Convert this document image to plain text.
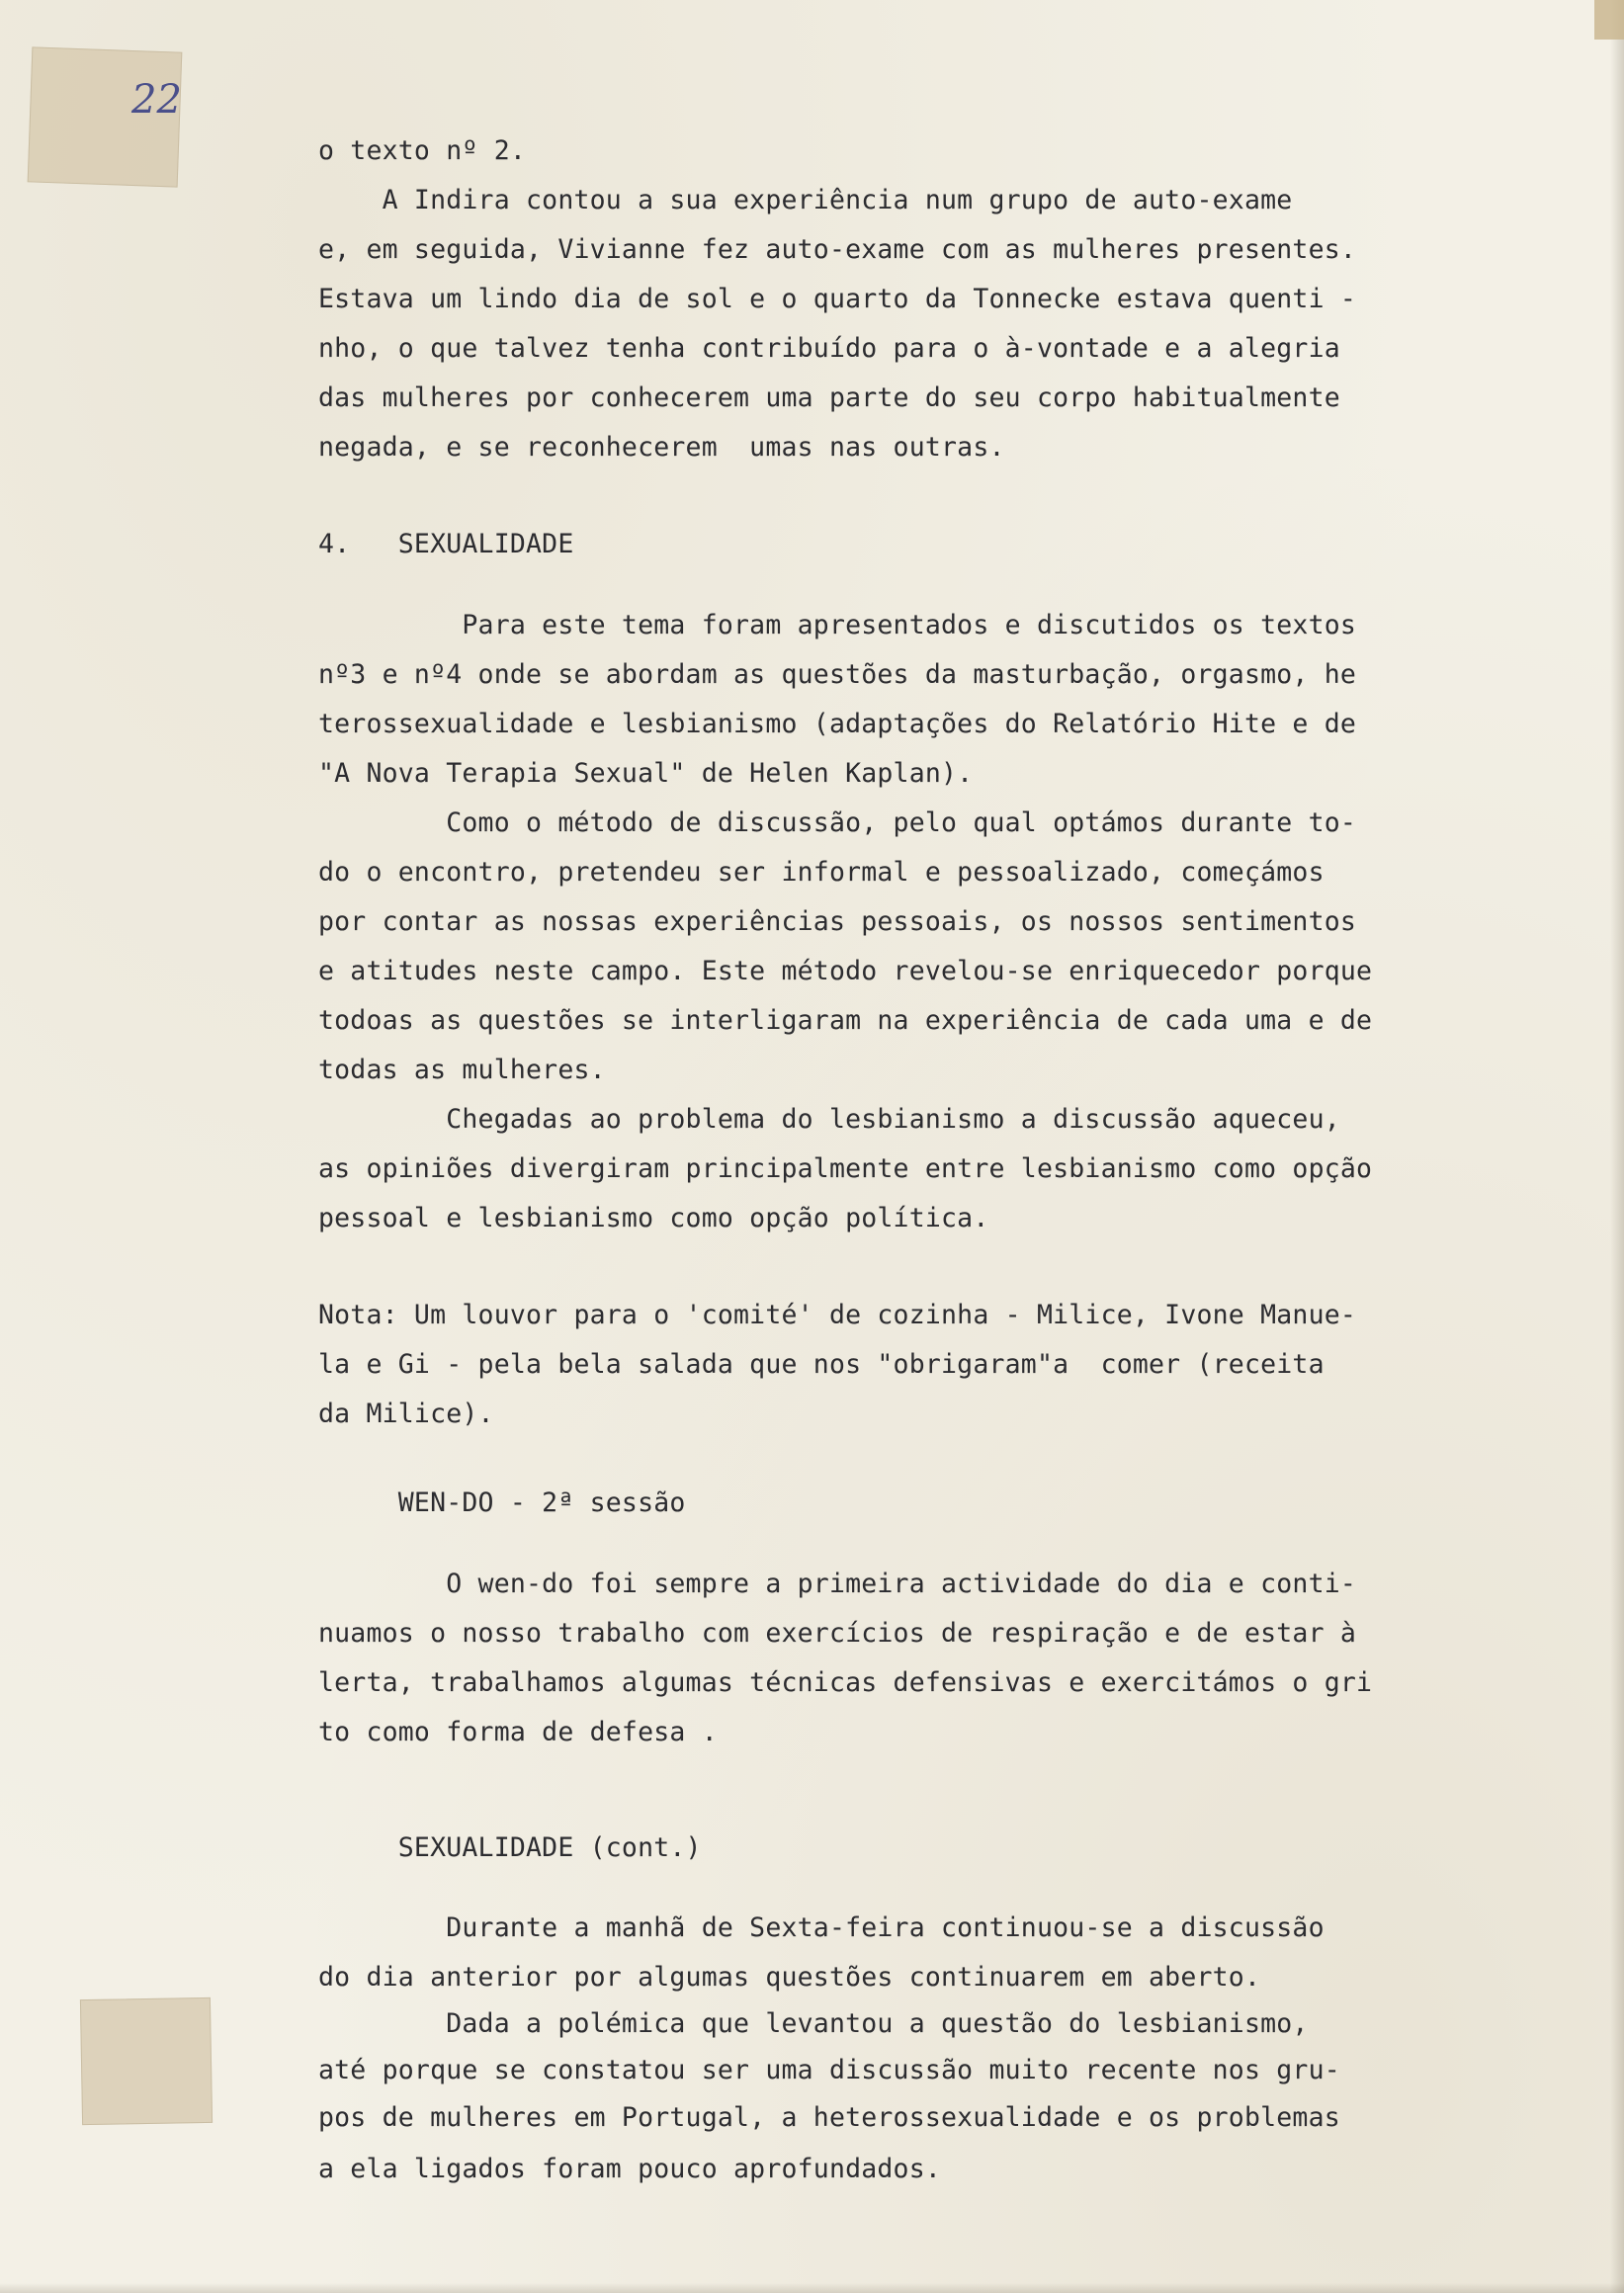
22
o texto nº 2.
A Indira contou a sua experiência num grupo de auto-exame
e, em seguida, Vivianne fez auto-exame com as mulheres presentes.
Estava um lindo dia de sol e o quarto da Tonnecke estava quenti -
nho, o que talvez tenha contribuído para o à-vontade e a alegria
das mulheres por conhecerem uma parte do seu corpo habitualmente
negada, e se reconhecerem  umas nas outras.
4.   SEXUALIDADE
Para este tema foram apresentados e discutidos os textos
nº3 e nº4 onde se abordam as questões da masturbação, orgasmo, he
terossexualidade e lesbianismo (adaptações do Relatório Hite e de
"A Nova Terapia Sexual" de Helen Kaplan).
Como o método de discussão, pelo qual optámos durante to-
do o encontro, pretendeu ser informal e pessoalizado, começámos
por contar as nossas experiências pessoais, os nossos sentimentos
e atitudes neste campo. Este método revelou-se enriquecedor porque
todoas as questões se interligaram na experiência de cada uma e de
todas as mulheres.
Chegadas ao problema do lesbianismo a discussão aqueceu,
as opiniões divergiram principalmente entre lesbianismo como opção
pessoal e lesbianismo como opção política.
Nota: Um louvor para o 'comité' de cozinha - Milice, Ivone Manue-
la e Gi - pela bela salada que nos "obrigaram"a  comer (receita
da Milice).
WEN-DO - 2ª sessão
O wen-do foi sempre a primeira actividade do dia e conti-
nuamos o nosso trabalho com exercícios de respiração e de estar à
lerta, trabalhamos algumas técnicas defensivas e exercitámos o gri
to como forma de defesa .
SEXUALIDADE (cont.)
Durante a manhã de Sexta-feira continuou-se a discussão
do dia anterior por algumas questões continuarem em aberto.
Dada a polémica que levantou a questão do lesbianismo,
até porque se constatou ser uma discussão muito recente nos gru-
pos de mulheres em Portugal, a heterossexualidade e os problemas
a ela ligados foram pouco aprofundados.
